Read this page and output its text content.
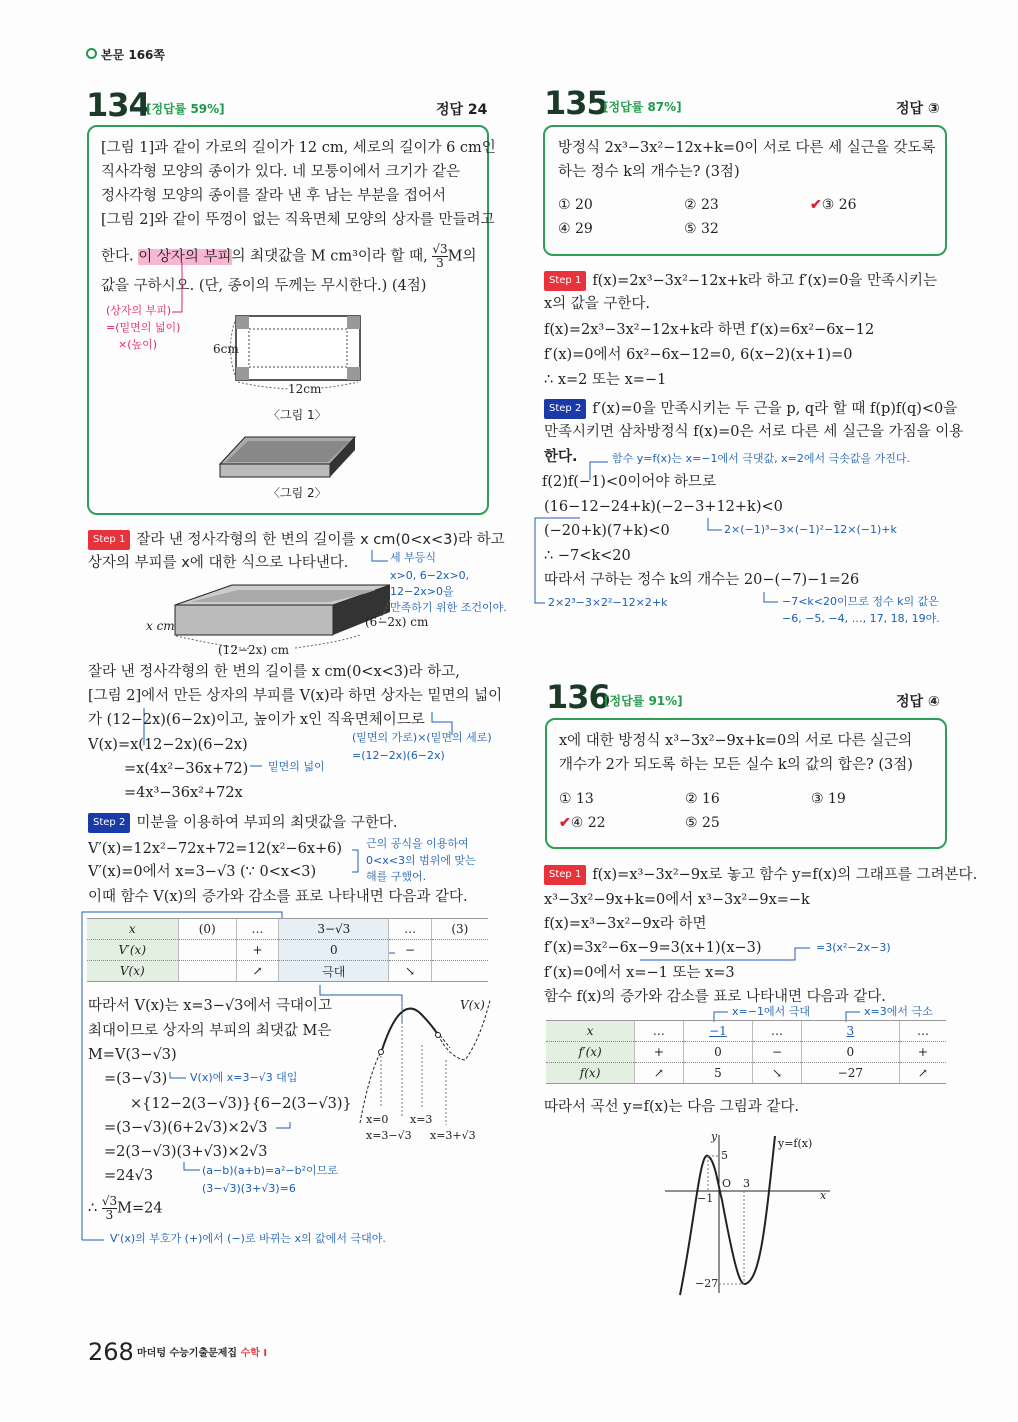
본문 166쪽
134
[정답률 59%]	정답 24
[그림 1]과 같이 가로의 길이가 12 cm, 세로의 길이가 6 cm인
직사각형 모양의 종이가 있다. 네 모퉁이에서 크기가 같은
정사각형 모양의 종이를 잘라 낸 후 남는 부분을 접어서
[그림 2]와 같이 뚜껑이 없는 직육면체 모양의 상자를 만들려고
한다. 이 상자의 부피의 최댓값을 M cm³이라 할 때, $\frac{√3}{3}$ M의
값을 구하시오. (단, 종이의 두께는 무시한다.) (4점)
(상자의 부피)
=(밑면의 넓이)
×(높이)	6cm
12cm
〈그림 1〉
〈그림 2〉
Step 1 잘라 낸 정사각형의 한 변의 길이를 x cm(0<x<3)라 하고
상자의 부피를 x에 대한 식으로 나타낸다.	세 부등식
x>0, 6−2x>0,
12−2x>0을
만족하기 위한 조건이야.
x cm	(6−2x) cm
(12−2x) cm
잘라 낸 정사각형의 한 변의 길이를 x cm(0<x<3)라 하고,
[그림 2]에서 만든 상자의 부피를 V(x)라 하면 상자는 밑면의 넓이
가 (12−2x)(6−2x)이고, 높이가 x인 직육면체이므로
V(x)=x(12−2x)(6−2x)
=x(4x²−36x+72)
=4x³−36x²+72x
(밑면의 가로)×(밑면의 세로)
=(12−2x)(6−2x)
밑면의 넓이
Step 2 미분을 이용하여 부피의 최댓값을 구한다.
V′(x)=12x²−72x+72=12(x²−6x+6)
V′(x)=0에서 x=3−√3 (∵ 0<x<3)
이때 함수 V(x)의 증가와 감소를 표로 나타내면 다음과 같다.
근의 공식을 이용하여
0<x<3의 범위에 맞는
해를 구했어.
x	(0)	…	3−√3	…	(3)
V′(x)		+	0	−	
V(x)		↗	극대	↘	
따라서 V(x)는 x=3−√3에서 극대이고
최대이므로 상자의 부피의 최댓값 M은
M=V(3−√3)
=(3−√3)
×{12−2(3−√3)}{6−2(3−√3)}
=(3−√3)(6+2√3)×2√3
=2(3−√3)(3+√3)×2√3
=24√3
∴ $\frac{√3}{3} M=24$
V(x)에 x=3−√3 대입
(a−b)(a+b)=a²−b²이므로
(3−√3)(3+√3)=6
V′(x)의 부호가 (+)에서 (−)로 바뀌는 x의 값에서 극대야.
V(x)
x=0 x=3
x=3−√3 x=3+√3
135
[정답률 87%]	정답 ③
방정식 2x³−3x²−12x+k=0이 서로 다른 세 실근을 갖도록
하는 정수 k의 개수는? (3점)
① 20	② 23	✔③ 26
④ 29	⑤ 32
Step 1 f(x)=2x³−3x²−12x+k라 하고 f′(x)=0을 만족시키는
x의 값을 구한다.
f(x)=2x³−3x²−12x+k라 하면 f′(x)=6x²−6x−12
f′(x)=0에서 6x²−6x−12=0, 6(x−2)(x+1)=0
∴ x=2 또는 x=−1
Step 2 f′(x)=0을 만족시키는 두 근을 p, q라 할 때 f(p)f(q)<0을
만족시키면 삼차방정식 f(x)=0은 서로 다른 세 실근을 가짐을 이용
한다.	함수 y=f(x)는 x=−1에서 극댓값, x=2에서 극솟값을 가진다.
f(2)f(−1)<0이어야 하므로
(16−12−24+k)(−2−3+12+k)<0
(−20+k)(7+k)<0
∴ −7<k<20
따라서 구하는 정수 k의 개수는 20−(−7)−1=26
2×(−1)³−3×(−1)²−12×(−1)+k
2×2³−3×2²−12×2+k	−7<k<20이므로 정수 k의 값은
−6, −5, −4, …, 17, 18, 19야.
136
[정답률 91%]	정답 ④
x에 대한 방정식 x³−3x²−9x+k=0의 서로 다른 실근의
개수가 2가 되도록 하는 모든 실수 k의 값의 합은? (3점)
① 13	② 16	③ 19
✔④ 22	⑤ 25
Step 1 f(x)=x³−3x²−9x로 놓고 함수 y=f(x)의 그래프를 그려본다.
x³−3x²−9x+k=0에서 x³−3x²−9x=−k
f(x)=x³−3x²−9x라 하면
f′(x)=3x²−6x−9=3(x+1)(x−3)
f′(x)=0에서 x=−1 또는 x=3
함수 f(x)의 증가와 감소를 표로 나타내면 다음과 같다.
=3(x²−2x−3)
x=−1에서 극대	x=3에서 극소
x	…	−1	…	3	…
f′(x)	+	0	−	0	+
f(x)	↗	5	↘	−27	↗
따라서 곡선 y=f(x)는 다음 그림과 같다.
y
x
O
y=f(x)
−1
3
5
−27
268 마더텅 수능기출문제집 수학 I
